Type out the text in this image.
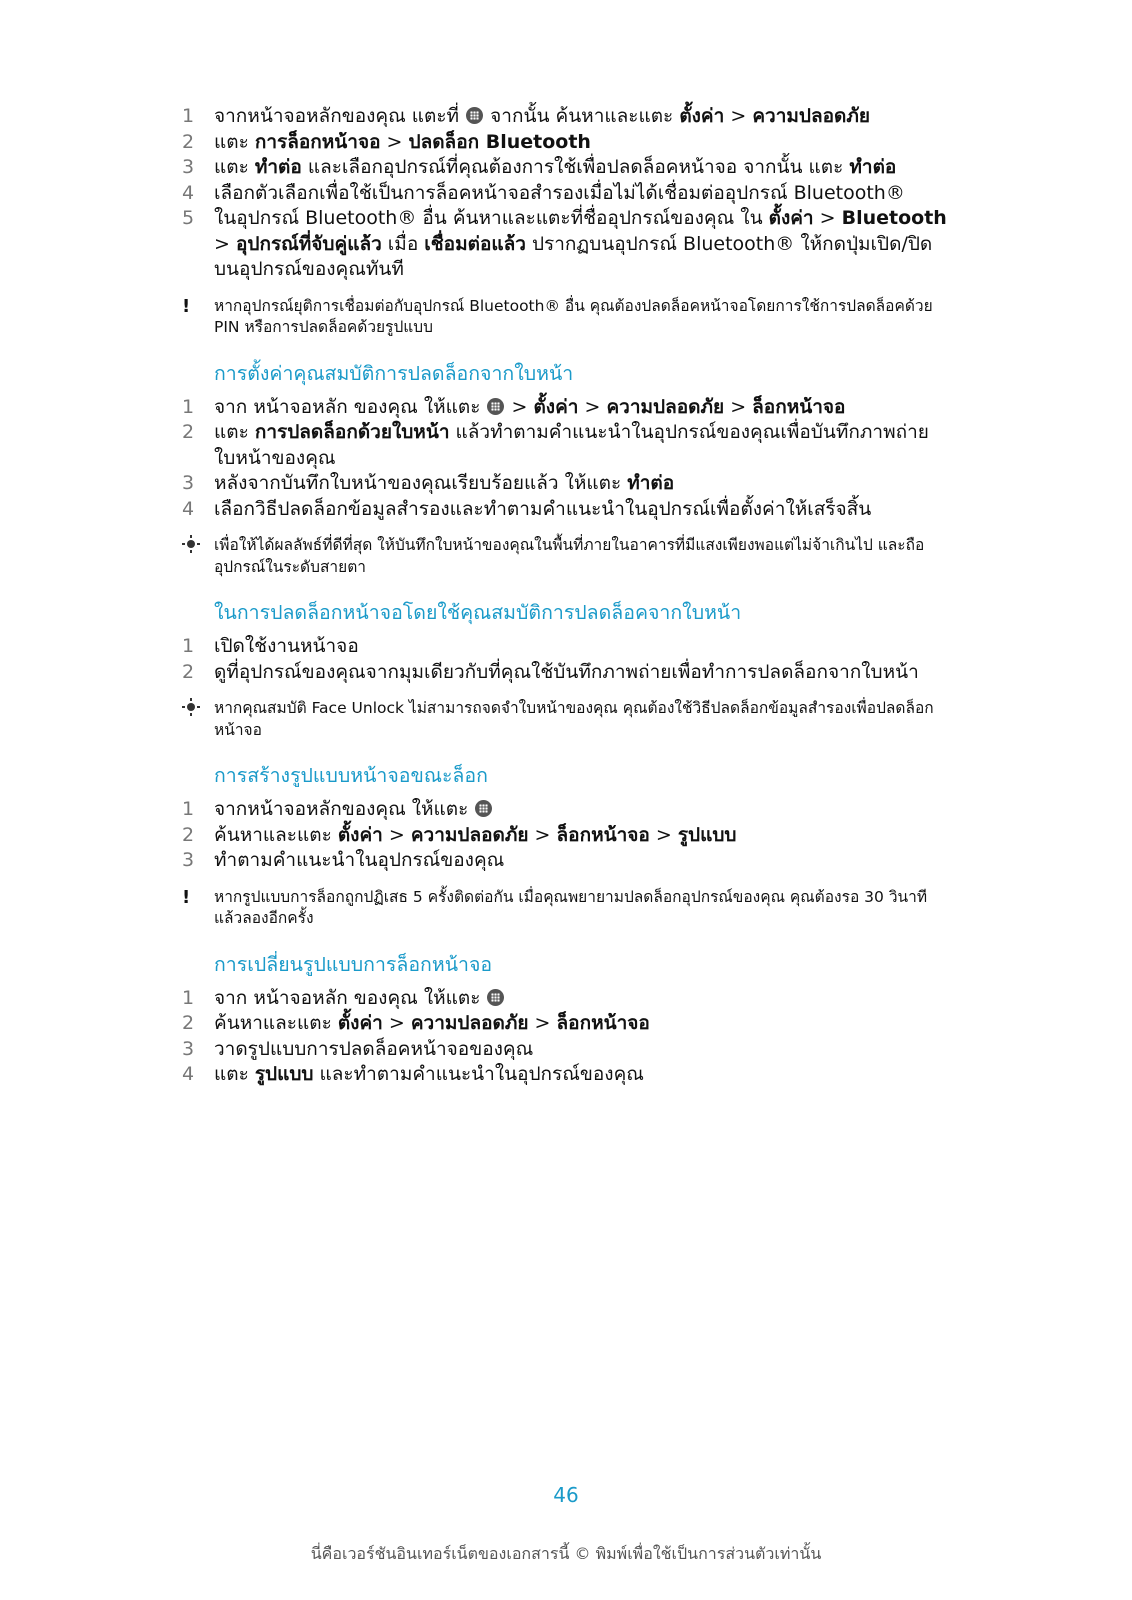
1	จากหน้าจอหลักของคุณ แตะที่  จากนั้น ค้นหาและแตะ ตั้งค่า > ความปลอดภัย
2	แตะ การล็อกหน้าจอ > ปลดล็อก Bluetooth
3	แตะ ทำต่อ และเลือกอุปกรณ์ที่คุณต้องการใช้เพื่อปลดล็อคหน้าจอ จากนั้น แตะ ทำต่อ
4	เลือกตัวเลือกเพื่อใช้เป็นการล็อคหน้าจอสำรองเมื่อไม่ได้เชื่อมต่ออุปกรณ์ Bluetooth®
5	ในอุปกรณ์ Bluetooth® อื่น ค้นหาและแตะที่ชื่ออุปกรณ์ของคุณ ใน ตั้งค่า > Bluetooth > อุปกรณ์ที่จับคู่แล้ว เมื่อ เชื่อมต่อแล้ว ปรากฏบนอุปกรณ์ Bluetooth® ให้กดปุ่มเปิด/ปิดบนอุปกรณ์ของคุณทันที
!	หากอุปกรณ์ยุติการเชื่อมต่อกับอุปกรณ์ Bluetooth® อื่น คุณต้องปลดล็อคหน้าจอโดยการใช้การปลดล็อคด้วย PIN หรือการปลดล็อคด้วยรูปแบบ
การตั้งค่าคุณสมบัติการปลดล็อกจากใบหน้า
1	จาก หน้าจอหลัก ของคุณ ให้แตะ  > ตั้งค่า > ความปลอดภัย > ล็อกหน้าจอ
2	แตะ การปลดล็อกด้วยใบหน้า แล้วทำตามคำแนะนำในอุปกรณ์ของคุณเพื่อบันทึกภาพถ่ายใบหน้าของคุณ
3	หลังจากบันทึกใบหน้าของคุณเรียบร้อยแล้ว ให้แตะ ทำต่อ
4	เลือกวิธีปลดล็อกข้อมูลสำรองและทำตามคำแนะนำในอุปกรณ์เพื่อตั้งค่าให้เสร็จสิ้น
เพื่อให้ได้ผลลัพธ์ที่ดีที่สุด ให้บันทึกใบหน้าของคุณในพื้นที่ภายในอาคารที่มีแสงเพียงพอแต่ไม่จ้าเกินไป และถืออุปกรณ์ในระดับสายตา
ในการปลดล็อกหน้าจอโดยใช้คุณสมบัติการปลดล็อคจากใบหน้า
1	เปิดใช้งานหน้าจอ
2	ดูที่อุปกรณ์ของคุณจากมุมเดียวกับที่คุณใช้บันทึกภาพถ่ายเพื่อทำการปลดล็อกจากใบหน้า
หากคุณสมบัติ Face Unlock ไม่สามารถจดจำใบหน้าของคุณ คุณต้องใช้วิธีปลดล็อกข้อมูลสำรองเพื่อปลดล็อกหน้าจอ
การสร้างรูปแบบหน้าจอขณะล็อก
1	จากหน้าจอหลักของคุณ ให้แตะ
2	ค้นหาและแตะ ตั้งค่า > ความปลอดภัย > ล็อกหน้าจอ > รูปแบบ
3	ทำตามคำแนะนำในอุปกรณ์ของคุณ
!	หากรูปแบบการล็อกถูกปฏิเสธ 5 ครั้งติดต่อกัน เมื่อคุณพยายามปลดล็อกอุปกรณ์ของคุณ คุณต้องรอ 30 วินาทีแล้วลองอีกครั้ง
การเปลี่ยนรูปแบบการล็อกหน้าจอ
1	จาก หน้าจอหลัก ของคุณ ให้แตะ
2	ค้นหาและแตะ ตั้งค่า > ความปลอดภัย > ล็อกหน้าจอ
3	วาดรูปแบบการปลดล็อคหน้าจอของคุณ
4	แตะ รูปแบบ และทำตามคำแนะนำในอุปกรณ์ของคุณ
46
นี่คือเวอร์ชันอินเทอร์เน็ตของเอกสารนี้ © พิมพ์เพื่อใช้เป็นการส่วนตัวเท่านั้น
